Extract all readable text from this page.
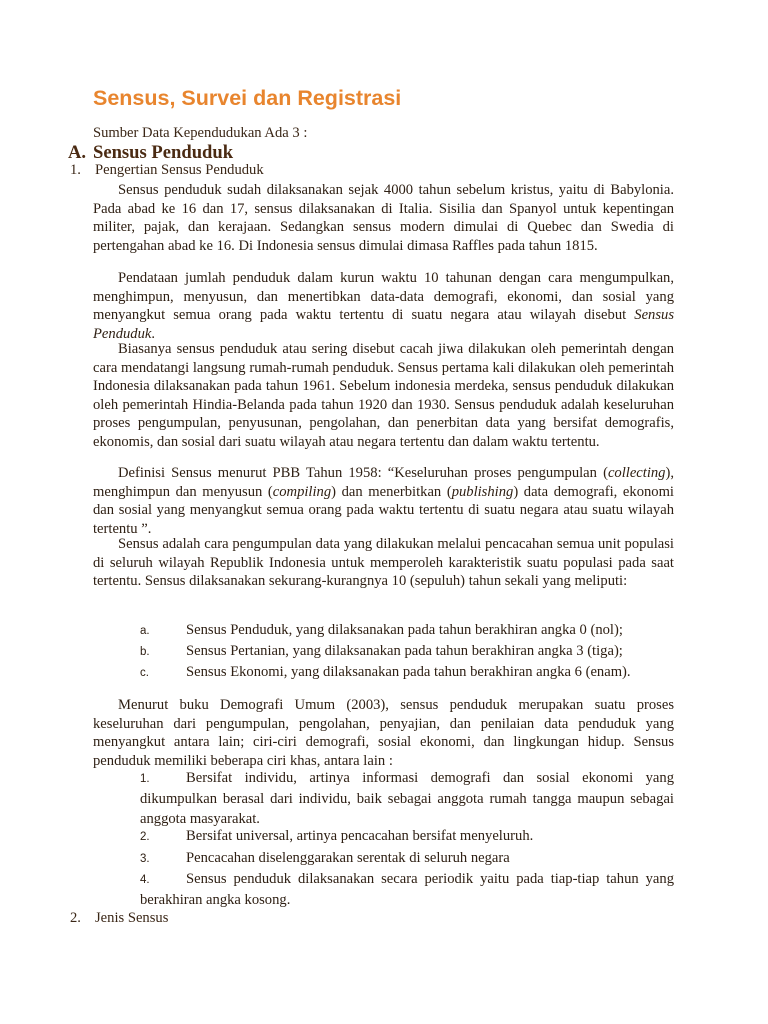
Sensus, Survei dan Registrasi
Sumber Data Kependudukan Ada 3 :
A. Sensus Penduduk
1. Pengertian Sensus Penduduk

Sensus penduduk sudah dilaksanakan sejak 4000 tahun sebelum kristus, yaitu di Babylonia. Pada abad ke 16 dan 17, sensus dilaksanakan di Italia. Sisilia dan Spanyol untuk kepentingan militer, pajak, dan kerajaan. Sedangkan sensus modern dimulai di Quebec dan Swedia di pertengahan abad ke 16. Di Indonesia sensus dimulai dimasa Raffles pada tahun 1815.

Pendataan jumlah penduduk dalam kurun waktu 10 tahunan dengan cara mengumpulkan, menghimpun, menyusun, dan menertibkan data-data demografi, ekonomi, dan sosial yang menyangkut semua orang pada waktu tertentu di suatu negara atau wilayah disebut Sensus Penduduk.

Biasanya sensus penduduk atau sering disebut cacah jiwa dilakukan oleh pemerintah dengan cara mendatangi langsung rumah-rumah penduduk. Sensus pertama kali dilakukan oleh pemerintah Indonesia dilaksanakan pada tahun 1961. Sebelum indonesia merdeka, sensus penduduk dilakukan oleh pemerintah Hindia-Belanda pada tahun 1920 dan 1930. Sensus penduduk adalah keseluruhan proses pengumpulan, penyusunan, pengolahan, dan penerbitan data yang bersifat demografis, ekonomis, dan sosial dari suatu wilayah atau negara tertentu dan dalam waktu tertentu.

Definisi Sensus menurut PBB Tahun 1958: “Keseluruhan proses pengumpulan (collecting), menghimpun dan menyusun (compiling) dan menerbitkan (publishing) data demografi, ekonomi dan sosial yang menyangkut semua orang pada waktu tertentu di suatu negara atau suatu wilayah tertentu ”.

Sensus adalah cara pengumpulan data yang dilakukan melalui pencacahan semua unit populasi di seluruh wilayah Republik Indonesia untuk memperoleh karakteristik suatu populasi pada saat tertentu. Sensus dilaksanakan sekurang-kurangnya 10 (sepuluh) tahun sekali yang meliputi:

a. Sensus Penduduk, yang dilaksanakan pada tahun berakhiran angka 0 (nol);
b. Sensus Pertanian, yang dilaksanakan pada tahun berakhiran angka 3 (tiga);
c.	Sensus Ekonomi, yang dilaksanakan pada tahun berakhiran angka 6 (enam).

Menurut buku Demografi Umum (2003), sensus penduduk merupakan suatu proses keseluruhan dari pengumpulan, pengolahan, penyajian, dan penilaian data penduduk yang menyangkut antara lain; ciri-ciri demografi, sosial ekonomi, dan lingkungan hidup. Sensus penduduk memiliki beberapa ciri khas, antara lain :

1. Bersifat individu, artinya informasi demografi dan sosial ekonomi yang dikumpulkan berasal dari individu, baik sebagai anggota rumah tangga maupun sebagai anggota masyarakat.
2. Bersifat universal, artinya pencacahan bersifat menyeluruh.
3. Pencacahan diselenggarakan serentak di seluruh negara
4. Sensus penduduk dilaksanakan secara periodik yaitu pada tiap-tiap tahun yang berakhiran angka kosong.
2. Jenis Sensus
